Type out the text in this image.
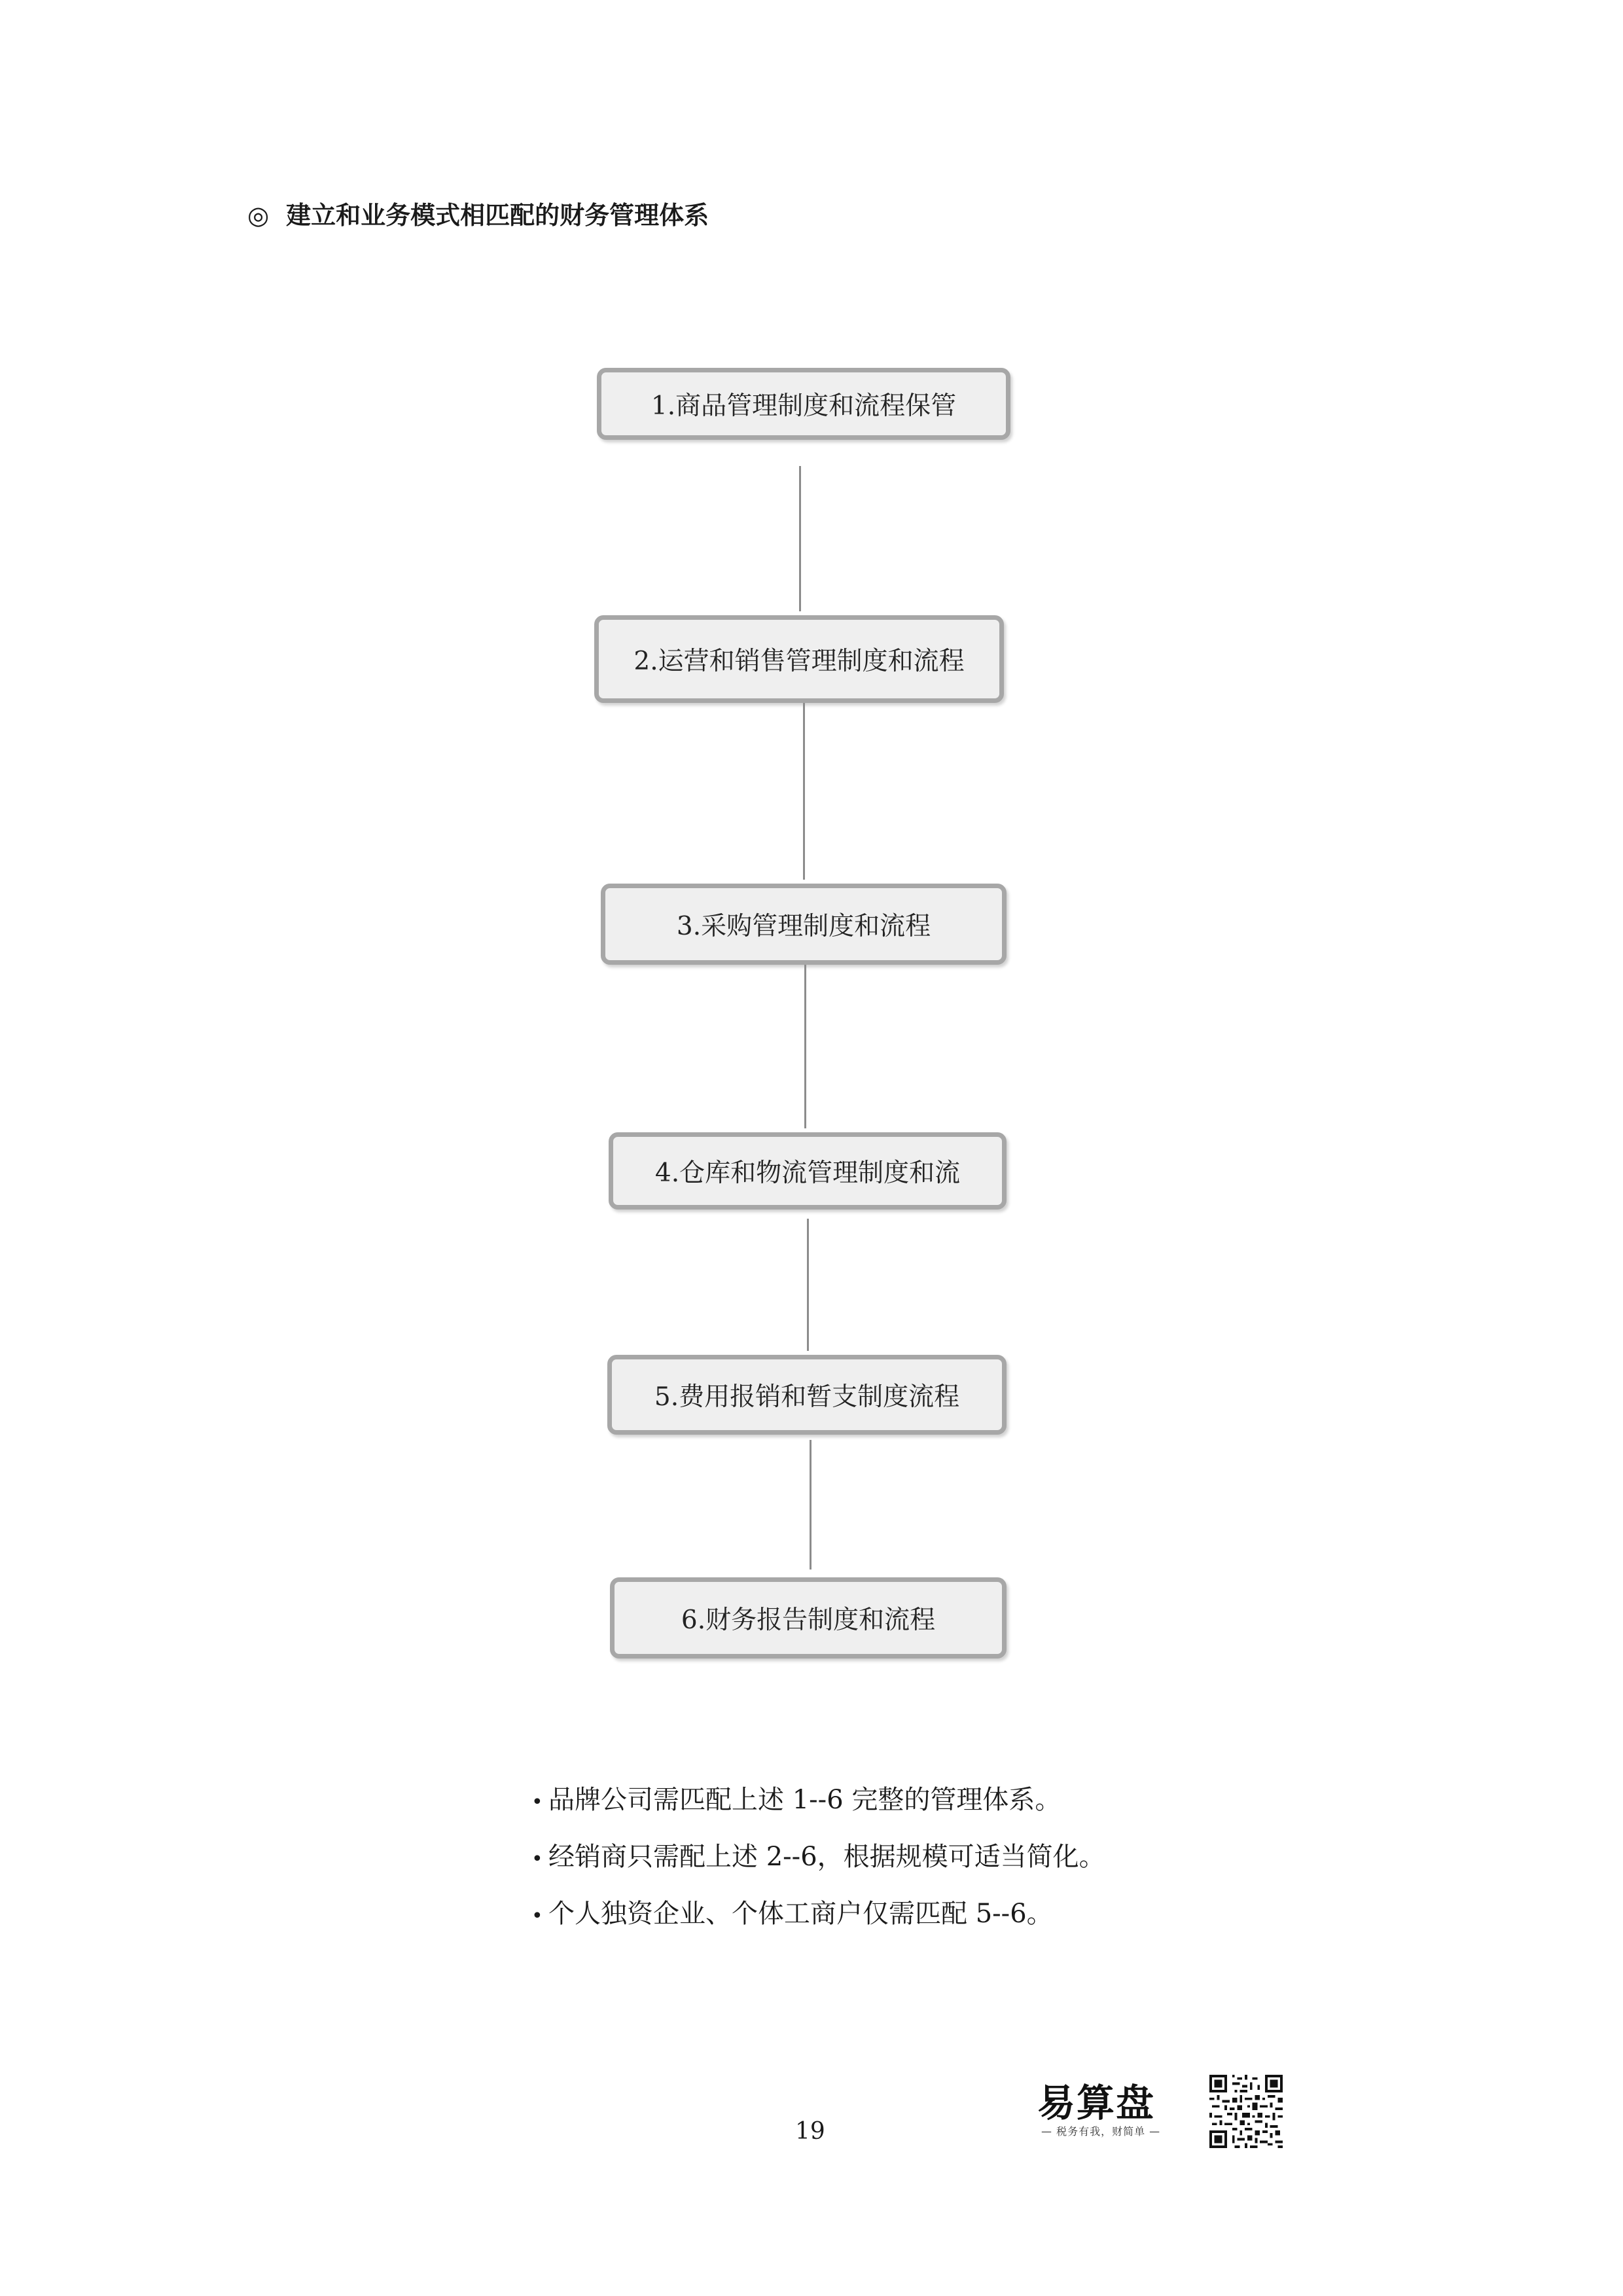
◎ 建立和业务模式相匹配的财务管理体系
1.商品管理制度和流程保管
2.运营和销售管理制度和流程
3.采购管理制度和流程
4.仓库和物流管理制度和流
5.费用报销和暂支制度流程
6.财务报告制度和流程
• 品牌公司需匹配上述 1--6 完整的管理体系。
• 经销商只需配上述 2--6，根据规模可适当简化。
• 个人独资企业、个体工商户仅需匹配 5--6。
19
易算盘
— 税务有我，财简单 —
